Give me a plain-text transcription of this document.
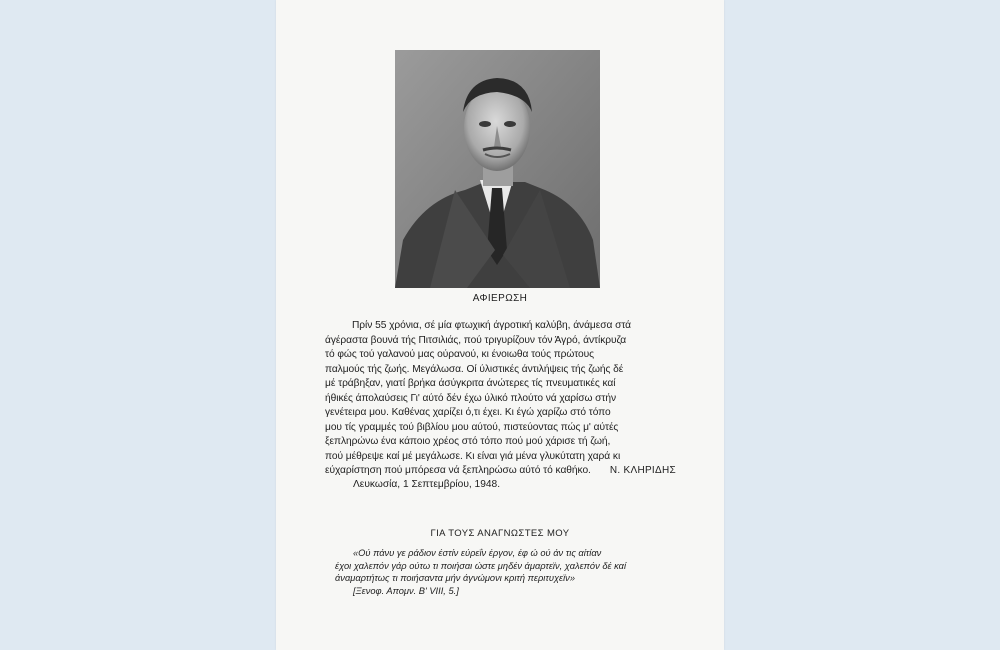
ΑΦΙΕΡΩΣΗ
Πρίν 55 χρόνια, σέ μία φτωχική άγροτική καλύβη, άνάμεσα στά
άγέραστα βουνά τής Πιτσιλιάς, πού τριγυρίζουν τόν Άγρό, άντίκρυζα
τό φώς τού γαλανού μας ούρανού, κι ένοιωθα τούς πρώτους
παλμούς τής ζωής. Μεγάλωσα. Οί ύλιστικές άντιλήψεις τής ζωής δέ
μέ τράβηξαν, γιατί βρήκα άσύγκριτα άνώτερες τίς πνευματικές καί
ήθικές άπολαύσεις Γι' αύτό δέν έχω ύλικό πλούτο νά χαρίσω στήν
γενέτειρα μου. Καθένας χαρίζει ό,τι έχει. Κι έγώ χαρίζω στό τόπο
μου τίς γραμμές τού βιβλίου μου αύτού, πιστεύοντας πώς μ' αύτές
ξεπληρώνω ένα κάποιο χρέος στό τόπο πού μού χάρισε τή ζωή,
πού μέθρεψε καί μέ μεγάλωσε. Κι είναι γιά μένα γλυκύτατη χαρά κι
εύχαρίστηση πού μπόρεσα νά ξεπληρώσω αύτό τό καθήκο.	Ν. ΚΛΗΡΙΔΗΣ
Λευκωσία, 1 Σεπτεμβρίου, 1948.
ΓΙΑ ΤΟΥΣ ΑΝΑΓΝΩΣΤΕΣ ΜΟΥ
«Ού πάνυ γε ράδιον έστίν εύρεΐν έργον, έφ ώ ού άν τις αίτίαν
έχοι χαλεπόν γάρ ούτω τι ποιήσαι ώστε μηδέν άμαρτεϊν, χαλεπόν δέ καί
άναμαρτήτως τι ποιήσαντα μήν άγνώμονι κριτή περιτυχεϊν»
[Ξενοφ. Απομν. Β' VIII, 5.]
